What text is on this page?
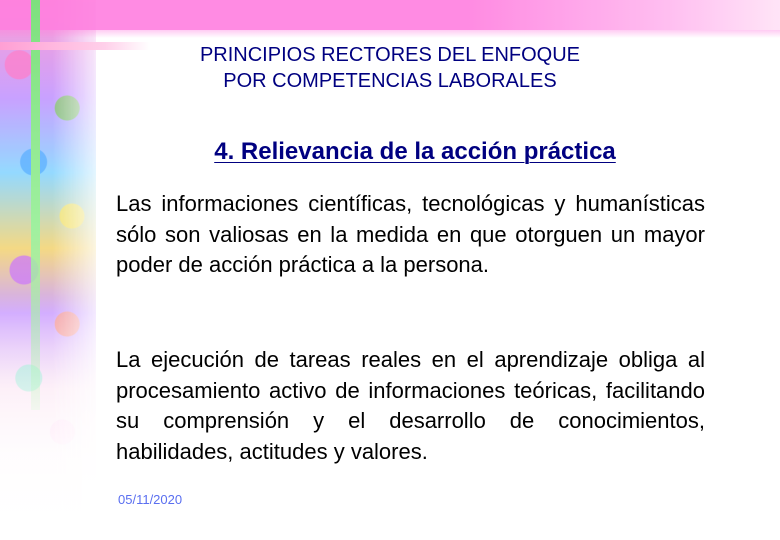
PRINCIPIOS RECTORES DEL ENFOQUE
POR COMPETENCIAS LABORALES
4. Relievancia de la acción práctica

Las informaciones científicas, tecnológicas y humanísticas sólo son valiosas en la medida en que otorguen un mayor poder de acción práctica a la persona.

La ejecución de tareas reales en el aprendizaje obliga al procesamiento activo de informaciones teóricas, facilitando su comprensión y el desarrollo de conocimientos, habilidades, actitudes y valores.

05/11/2020
